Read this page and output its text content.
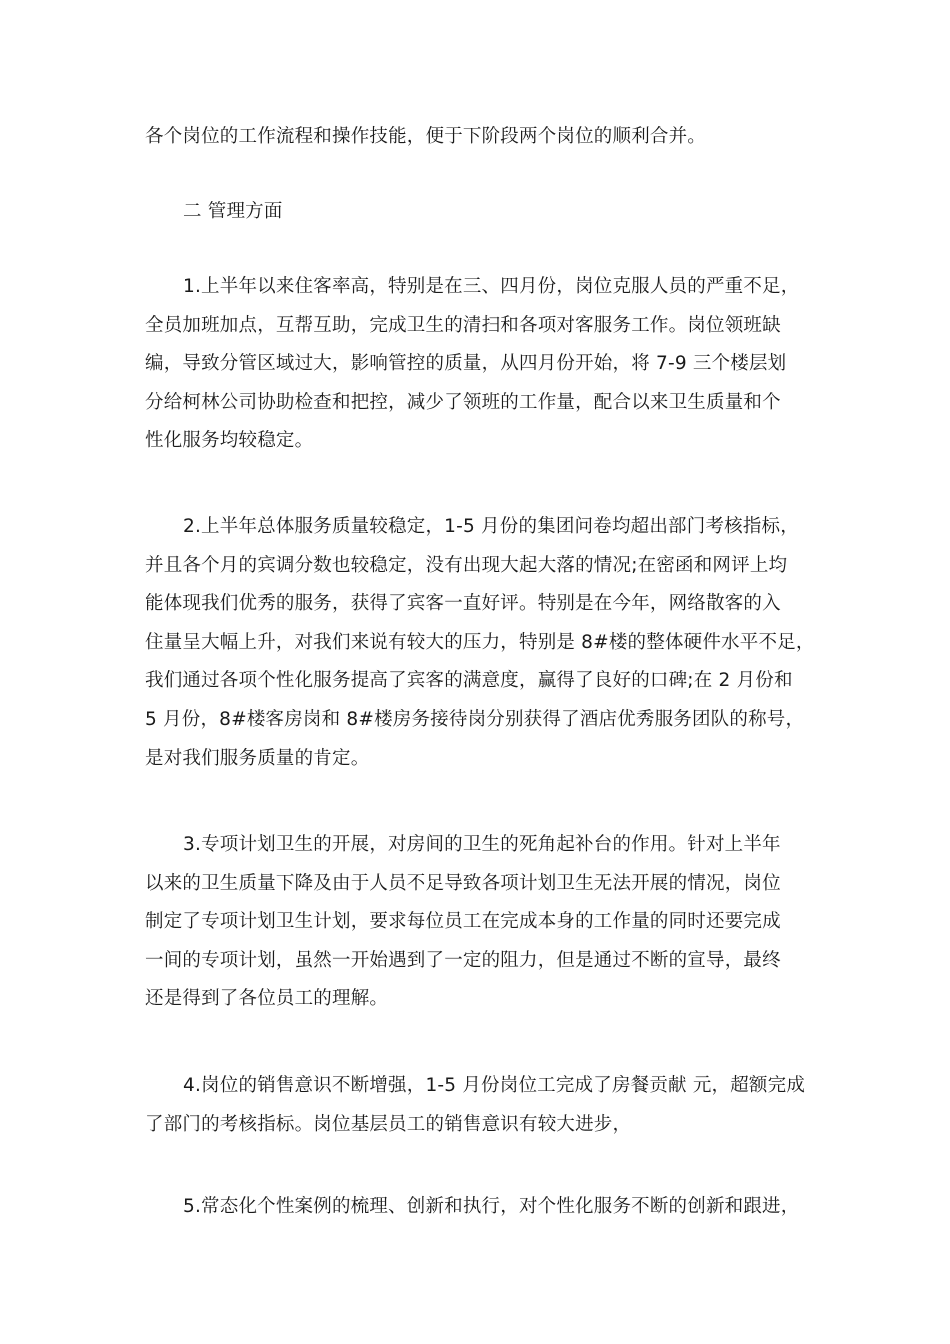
各个岗位的工作流程和操作技能，便于下阶段两个岗位的顺利合并。
二 管理方面
1.上半年以来住客率高，特别是在三、四月份，岗位克服人员的严重不足，
全员加班加点，互帮互助，完成卫生的清扫和各项对客服务工作。岗位领班缺
编，导致分管区域过大，影响管控的质量，从四月份开始，将 7-9 三个楼层划
分给柯林公司协助检查和把控，减少了领班的工作量，配合以来卫生质量和个
性化服务均较稳定。
2.上半年总体服务质量较稳定，1-5 月份的集团问卷均超出部门考核指标，
并且各个月的宾调分数也较稳定，没有出现大起大落的情况;在密函和网评上均
能体现我们优秀的服务，获得了宾客一直好评。特别是在今年，网络散客的入
住量呈大幅上升，对我们来说有较大的压力，特别是 8#楼的整体硬件水平不足，
我们通过各项个性化服务提高了宾客的满意度，赢得了良好的口碑;在 2 月份和
5 月份，8#楼客房岗和 8#楼房务接待岗分别获得了酒店优秀服务团队的称号，
是对我们服务质量的肯定。
3.专项计划卫生的开展，对房间的卫生的死角起补台的作用。针对上半年
以来的卫生质量下降及由于人员不足导致各项计划卫生无法开展的情况，岗位
制定了专项计划卫生计划，要求每位员工在完成本身的工作量的同时还要完成
一间的专项计划，虽然一开始遇到了一定的阻力，但是通过不断的宣导，最终
还是得到了各位员工的理解。
4.岗位的销售意识不断增强，1-5 月份岗位工完成了房餐贡献 元，超额完成
了部门的考核指标。岗位基层员工的销售意识有较大进步，
5.常态化个性案例的梳理、创新和执行，对个性化服务不断的创新和跟进，
